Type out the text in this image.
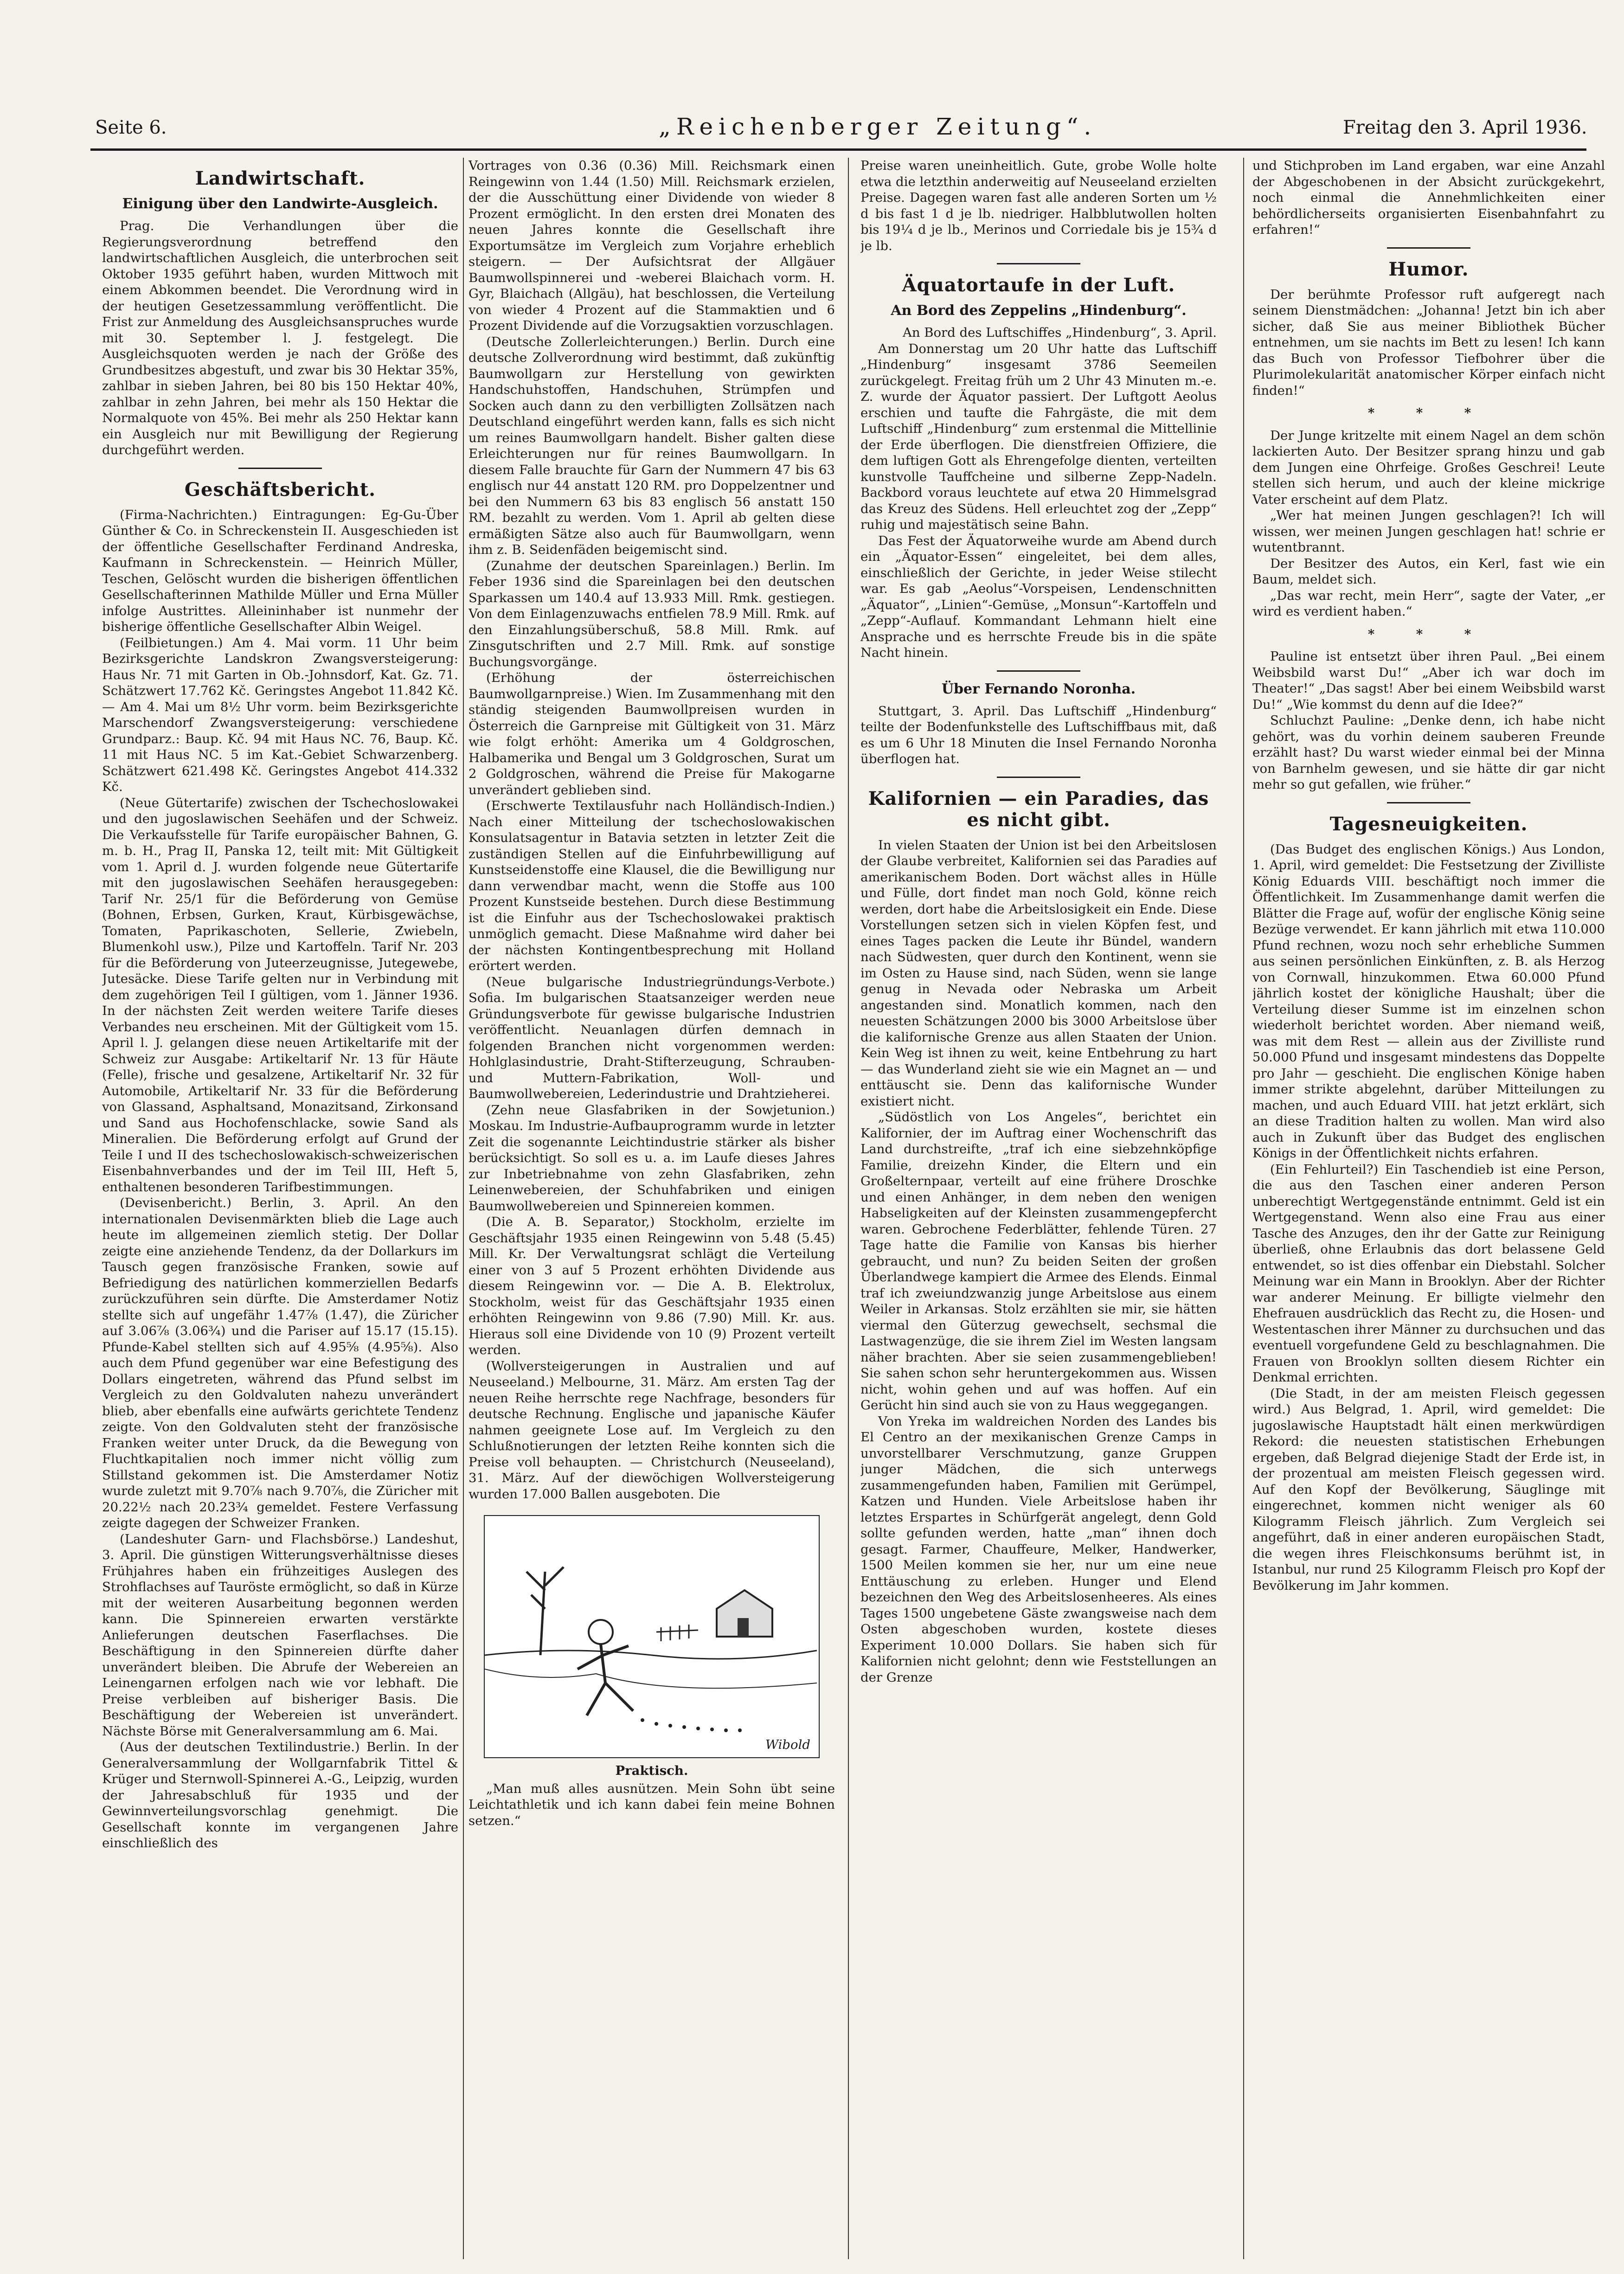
Seite 6.	„Reichenberger Zeitung“.	Freitag den 3. April 1936.
Landwirtschaft.
Einigung über den Landwirte-Ausgleich.

Prag. Die Verhandlungen über die Regierungsverordnung betreffend den landwirtschaftlichen Ausgleich, die unterbrochen seit Oktober 1935 geführt haben, wurden Mittwoch mit einem Abkommen beendet. Die Verordnung wird in der heutigen Gesetzessammlung veröffentlicht. Die Frist zur Anmeldung des Ausgleichsanspruches wurde mit 30. September l. J. festgelegt. Die Ausgleichsquoten werden je nach der Größe des Grundbesitzes abgestuft, und zwar bis 30 Hektar 35%, zahlbar in sieben Jahren, bei 80 bis 150 Hektar 40%, zahlbar in zehn Jahren, bei mehr als 150 Hektar die Normalquote von 45%. Bei mehr als 250 Hektar kann ein Ausgleich nur mit Bewilligung der Regierung durchgeführt werden.

Geschäftsbericht.

(Firma-Nachrichten.) Eintragungen: Eg-Gu-Über Günther & Co. in Schreckenstein II. Ausgeschieden ist der öffentliche Gesellschafter Ferdinand Andreska, Kaufmann in Schreckenstein. — Heinrich Müller, Teschen, Gelöscht wurden die bisherigen öffentlichen Gesellschafterinnen Mathilde Müller und Erna Müller infolge Austrittes. Alleininhaber ist nunmehr der bisherige öffentliche Gesellschafter Albin Weigel.

(Feilbietungen.) Am 4. Mai vorm. 11 Uhr beim Bezirksgerichte Landskron Zwangsversteigerung: Haus Nr. 71 mit Garten in Ob.-Johnsdorf, Kat. Gz. 71. Schätzwert 17.762 Kč. Geringstes Angebot 11.842 Kč. — Am 4. Mai um 8½ Uhr vorm. beim Bezirksgerichte Marschendorf Zwangsversteigerung: verschiedene Grundparz.: Baup. Kč. 94 mit Haus NC. 76, Baup. Kč. 11 mit Haus NC. 5 im Kat.-Gebiet Schwarzenberg. Schätzwert 621.498 Kč. Geringstes Angebot 414.332 Kč.

(Neue Gütertarife) zwischen der Tschechoslowakei und den jugoslawischen Seehäfen und der Schweiz. Die Verkaufsstelle für Tarife europäischer Bahnen, G. m. b. H., Prag II, Panska 12, teilt mit: Mit Gültigkeit vom 1. April d. J. wurden folgende neue Gütertarife mit den jugoslawischen Seehäfen herausgegeben: Tarif Nr. 25/1 für die Beförderung von Gemüse (Bohnen, Erbsen, Gurken, Kraut, Kürbisgewächse, Tomaten, Paprikaschoten, Sellerie, Zwiebeln, Blumenkohl usw.), Pilze und Kartoffeln. Tarif Nr. 203 für die Beförderung von Juteerzeugnisse, Jutegewebe, Jutesäcke. Diese Tarife gelten nur in Verbindung mit dem zugehörigen Teil I gültigen, vom 1. Jänner 1936. In der nächsten Zeit werden weitere Tarife dieses Verbandes neu erscheinen. Mit der Gültigkeit vom 15. April l. J. gelangen diese neuen Artikeltarife mit der Schweiz zur Ausgabe: Artikeltarif Nr. 13 für Häute (Felle), frische und gesalzene, Artikeltarif Nr. 32 für Automobile, Artikeltarif Nr. 33 für die Beförderung von Glassand, Asphaltsand, Monazitsand, Zirkonsand und Sand aus Hochofenschlacke, sowie Sand als Mineralien. Die Beförderung erfolgt auf Grund der Teile I und II des tschechoslowakisch-schweizerischen Eisenbahnverbandes und der im Teil III, Heft 5, enthaltenen besonderen Tarifbestimmungen.

(Devisenbericht.) Berlin, 3. April. An den internationalen Devisenmärkten blieb die Lage auch heute im allgemeinen ziemlich stetig. Der Dollar zeigte eine anziehende Tendenz, da der Dollarkurs im Tausch gegen französische Franken, sowie auf Befriedigung des natürlichen kommerziellen Bedarfs zurückzuführen sein dürfte. Die Amsterdamer Notiz stellte sich auf ungefähr 1.47⅞ (1.47), die Züricher auf 3.06⅞ (3.06¾) und die Pariser auf 15.17 (15.15). Pfunde-Kabel stellten sich auf 4.95⅝ (4.95⅝). Also auch dem Pfund gegenüber war eine Befestigung des Dollars eingetreten, während das Pfund selbst im Vergleich zu den Goldvaluten nahezu unverändert blieb, aber ebenfalls eine aufwärts gerichtete Tendenz zeigte. Von den Goldvaluten steht der französische Franken weiter unter Druck, da die Bewegung von Fluchtkapitalien noch immer nicht völlig zum Stillstand gekommen ist. Die Amsterdamer Notiz wurde zuletzt mit 9.70⅞ nach 9.70⅞, die Züricher mit 20.22½ nach 20.23¾ gemeldet. Festere Verfassung zeigte dagegen der Schweizer Franken.

(Landeshuter Garn- und Flachsbörse.) Landeshut, 3. April. Die günstigen Witterungsverhältnisse dieses Frühjahres haben ein frühzeitiges Auslegen des Strohflachses auf Tauröste ermöglicht, so daß in Kürze mit der weiteren Ausarbeitung begonnen werden kann. Die Spinnereien erwarten verstärkte Anlieferungen deutschen Faserflachses. Die Beschäftigung in den Spinnereien dürfte daher unverändert bleiben. Die Abrufe der Webereien an Leinengarnen erfolgen nach wie vor lebhaft. Die Preise verbleiben auf bisheriger Basis. Die Beschäftigung der Webereien ist unverändert. Nächste Börse mit Generalversammlung am 6. Mai.

(Aus der deutschen Textilindustrie.) Berlin. In der Generalversammlung der Wollgarnfabrik Tittel & Krüger und Sternwoll-Spinnerei A.-G., Leipzig, wurden der Jahresabschluß für 1935 und der Gewinnverteilungsvorschlag genehmigt. Die Gesellschaft konnte im vergangenen Jahre einschließlich des

Vortrages von 0.36 (0.36) Mill. Reichsmark einen Reingewinn von 1.44 (1.50) Mill. Reichsmark erzielen, der die Ausschüttung einer Dividende von wieder 8 Prozent ermöglicht. In den ersten drei Monaten des neuen Jahres konnte die Gesellschaft ihre Exportumsätze im Vergleich zum Vorjahre erheblich steigern. — Der Aufsichtsrat der Allgäuer Baumwollspinnerei und -weberei Blaichach vorm. H. Gyr, Blaichach (Allgäu), hat beschlossen, die Verteilung von wieder 4 Prozent auf die Stammaktien und 6 Prozent Dividende auf die Vorzugsaktien vorzuschlagen.

(Deutsche Zollerleichterungen.) Berlin. Durch eine deutsche Zollverordnung wird bestimmt, daß zukünftig Baumwollgarn zur Herstellung von gewirkten Handschuhstoffen, Handschuhen, Strümpfen und Socken auch dann zu den verbilligten Zollsätzen nach Deutschland eingeführt werden kann, falls es sich nicht um reines Baumwollgarn handelt. Bisher galten diese Erleichterungen nur für reines Baumwollgarn. In diesem Falle brauchte für Garn der Nummern 47 bis 63 englisch nur 44 anstatt 120 RM. pro Doppelzentner und bei den Nummern 63 bis 83 englisch 56 anstatt 150 RM. bezahlt zu werden. Vom 1. April ab gelten diese ermäßigten Sätze also auch für Baumwollgarn, wenn ihm z. B. Seidenfäden beigemischt sind.

(Zunahme der deutschen Spareinlagen.) Berlin. Im Feber 1936 sind die Spareinlagen bei den deutschen Sparkassen um 140.4 auf 13.933 Mill. Rmk. gestiegen. Von dem Einlagenzuwachs entfielen 78.9 Mill. Rmk. auf den Einzahlungsüberschuß, 58.8 Mill. Rmk. auf Zinsgutschriften und 2.7 Mill. Rmk. auf sonstige Buchungsvorgänge.

(Erhöhung der österreichischen Baumwollgarnpreise.) Wien. Im Zusammenhang mit den ständig steigenden Baumwollpreisen wurden in Österreich die Garnpreise mit Gültigkeit von 31. März wie folgt erhöht: Amerika um 4 Goldgroschen, Halbamerika und Bengal um 3 Goldgroschen, Surat um 2 Goldgroschen, während die Preise für Makogarne unverändert geblieben sind.

(Erschwerte Textilausfuhr nach Holländisch-Indien.) Nach einer Mitteilung der tschechoslowakischen Konsulatsagentur in Batavia setzten in letzter Zeit die zuständigen Stellen auf die Einfuhrbewilligung auf Kunstseidenstoffe eine Klausel, die die Bewilligung nur dann verwendbar macht, wenn die Stoffe aus 100 Prozent Kunstseide bestehen. Durch diese Bestimmung ist die Einfuhr aus der Tschechoslowakei praktisch unmöglich gemacht. Diese Maßnahme wird daher bei der nächsten Kontingentbesprechung mit Holland erörtert werden.

(Neue bulgarische Industriegründungs-Verbote.) Sofia. Im bulgarischen Staatsanzeiger werden neue Gründungsverbote für gewisse bulgarische Industrien veröffentlicht. Neuanlagen dürfen demnach in folgenden Branchen nicht vorgenommen werden: Hohlglasindustrie, Draht-Stifterzeugung, Schrauben- und Muttern-Fabrikation, Woll- und Baumwollwebereien, Lederindustrie und Drahtzieherei.

(Zehn neue Glasfabriken in der Sowjetunion.) Moskau. Im Industrie-Aufbauprogramm wurde in letzter Zeit die sogenannte Leichtindustrie stärker als bisher berücksichtigt. So soll es u. a. im Laufe dieses Jahres zur Inbetriebnahme von zehn Glasfabriken, zehn Leinenwebereien, der Schuhfabriken und einigen Baumwollwebereien und Spinnereien kommen.

(Die A. B. Separator,) Stockholm, erzielte im Geschäftsjahr 1935 einen Reingewinn von 5.48 (5.45) Mill. Kr. Der Verwaltungsrat schlägt die Verteilung einer von 3 auf 5 Prozent erhöhten Dividende aus diesem Reingewinn vor. — Die A. B. Elektrolux, Stockholm, weist für das Geschäftsjahr 1935 einen erhöhten Reingewinn von 9.86 (7.90) Mill. Kr. aus. Hieraus soll eine Dividende von 10 (9) Prozent verteilt werden.

(Wollversteigerungen in Australien und auf Neuseeland.) Melbourne, 31. März. Am ersten Tag der neuen Reihe herrschte rege Nachfrage, besonders für deutsche Rechnung. Englische und japanische Käufer nahmen geeignete Lose auf. Im Vergleich zu den Schlußnotierungen der letzten Reihe konnten sich die Preise voll behaupten. — Christchurch (Neuseeland), 31. März. Auf der diewöchigen Wollversteigerung wurden 17.000 Ballen ausgeboten. Die

Wibold
Praktisch.

„Man muß alles ausnützen. Mein Sohn übt seine Leichtathletik und ich kann dabei fein meine Bohnen setzen.“

Preise waren uneinheitlich. Gute, grobe Wolle holte etwa die letzthin anderweitig auf Neuseeland erzielten Preise. Dagegen waren fast alle anderen Sorten um ½ d bis fast 1 d je lb. niedriger. Halbblutwollen holten bis 19¼ d je lb., Merinos und Corriedale bis je 15¾ d je lb.

Äquatortaufe in der Luft.
An Bord des Zeppelins „Hindenburg“.

An Bord des Luftschiffes „Hindenburg“, 3. April.

Am Donnerstag um 20 Uhr hatte das Luftschiff „Hindenburg“ insgesamt 3786 Seemeilen zurückgelegt. Freitag früh um 2 Uhr 43 Minuten m.-e. Z. wurde der Äquator passiert. Der Luftgott Aeolus erschien und taufte die Fahrgäste, die mit dem Luftschiff „Hindenburg“ zum erstenmal die Mittellinie der Erde überflogen. Die dienstfreien Offiziere, die dem luftigen Gott als Ehrengefolge dienten, verteilten kunstvolle Tauffcheine und silberne Zepp-Nadeln. Backbord voraus leuchtete auf etwa 20 Himmelsgrad das Kreuz des Südens. Hell erleuchtet zog der „Zepp“ ruhig und majestätisch seine Bahn.

Das Fest der Äquatorweihe wurde am Abend durch ein „Äquator-Essen“ eingeleitet, bei dem alles, einschließlich der Gerichte, in jeder Weise stilecht war. Es gab „Aeolus“-Vorspeisen, Lendenschnitten „Äquator“, „Linien“-Gemüse, „Monsun“-Kartoffeln und „Zepp“-Auflauf. Kommandant Lehmann hielt eine Ansprache und es herrschte Freude bis in die späte Nacht hinein.

Über Fernando Noronha.

Stuttgart, 3. April. Das Luftschiff „Hindenburg“ teilte der Bodenfunkstelle des Luftschiffbaus mit, daß es um 6 Uhr 18 Minuten die Insel Fernando Noronha überflogen hat.

Kalifornien — ein Paradies, das es nicht gibt.

In vielen Staaten der Union ist bei den Arbeitslosen der Glaube verbreitet, Kalifornien sei das Paradies auf amerikanischem Boden. Dort wächst alles in Hülle und Fülle, dort findet man noch Gold, könne reich werden, dort habe die Arbeitslosigkeit ein Ende. Diese Vorstellungen setzen sich in vielen Köpfen fest, und eines Tages packen die Leute ihr Bündel, wandern nach Südwesten, quer durch den Kontinent, wenn sie im Osten zu Hause sind, nach Süden, wenn sie lange genug in Nevada oder Nebraska um Arbeit angestanden sind. Monatlich kommen, nach den neuesten Schätzungen 2000 bis 3000 Arbeitslose über die kalifornische Grenze aus allen Staaten der Union. Kein Weg ist ihnen zu weit, keine Entbehrung zu hart — das Wunderland zieht sie wie ein Magnet an — und enttäuscht sie. Denn das kalifornische Wunder existiert nicht.

„Südöstlich von Los Angeles“, berichtet ein Kalifornier, der im Auftrag einer Wochenschrift das Land durchstreifte, „traf ich eine siebzehnköpfige Familie, dreizehn Kinder, die Eltern und ein Großelternpaar, verteilt auf eine frühere Droschke und einen Anhänger, in dem neben den wenigen Habseligkeiten auf der Kleinsten zusammengepfercht waren. Gebrochene Federblätter, fehlende Türen. 27 Tage hatte die Familie von Kansas bis hierher gebraucht, und nun? Zu beiden Seiten der großen Überlandwege kampiert die Armee des Elends. Einmal traf ich zweiundzwanzig junge Arbeitslose aus einem Weiler in Arkansas. Stolz erzählten sie mir, sie hätten viermal den Güterzug gewechselt, sechsmal die Lastwagenzüge, die sie ihrem Ziel im Westen langsam näher brachten. Aber sie seien zusammengeblieben! Sie sahen schon sehr heruntergekommen aus. Wissen nicht, wohin gehen und auf was hoffen. Auf ein Gerücht hin sind auch sie von zu Haus weggegangen.

Von Yreka im waldreichen Norden des Landes bis El Centro an der mexikanischen Grenze Camps in unvorstellbarer Verschmutzung, ganze Gruppen junger Mädchen, die sich unterwegs zusammengefunden haben, Familien mit Gerümpel, Katzen und Hunden. Viele Arbeitslose haben ihr letztes Erspartes in Schürfgerät angelegt, denn Gold sollte gefunden werden, hatte „man“ ihnen doch gesagt. Farmer, Chauffeure, Melker, Handwerker, 1500 Meilen kommen sie her, nur um eine neue Enttäuschung zu erleben. Hunger und Elend bezeichnen den Weg des Arbeitslosenheeres. Als eines Tages 1500 ungebetene Gäste zwangsweise nach dem Osten abgeschoben wurden, kostete dieses Experiment 10.000 Dollars. Sie haben sich für Kalifornien nicht gelohnt; denn wie Feststellungen an der Grenze

und Stichproben im Land ergaben, war eine Anzahl der Abgeschobenen in der Absicht zurückgekehrt, noch einmal die Annehmlichkeiten einer behördlicherseits organisierten Eisenbahnfahrt zu erfahren!“

Humor.

Der berühmte Professor ruft aufgeregt nach seinem Dienstmädchen: „Johanna! Jetzt bin ich aber sicher, daß Sie aus meiner Bibliothek Bücher entnehmen, um sie nachts im Bett zu lesen! Ich kann das Buch von Professor Tiefbohrer über die Plurimolekularität anatomischer Körper einfach nicht finden!“

* * *

Der Junge kritzelte mit einem Nagel an dem schön lackierten Auto. Der Besitzer sprang hinzu und gab dem Jungen eine Ohrfeige. Großes Geschrei! Leute stellen sich herum, und auch der kleine mickrige Vater erscheint auf dem Platz.

„Wer hat meinen Jungen geschlagen?! Ich will wissen, wer meinen Jungen geschlagen hat! schrie er wutentbrannt.

Der Besitzer des Autos, ein Kerl, fast wie ein Baum, meldet sich.

„Das war recht, mein Herr“, sagte der Vater, „er wird es verdient haben.“

* * *

Pauline ist entsetzt über ihren Paul. „Bei einem Weibsbild warst Du!“ „Aber ich war doch im Theater!“ „Das sagst! Aber bei einem Weibsbild warst Du!“ „Wie kommst du denn auf die Idee?“

Schluchzt Pauline: „Denke denn, ich habe nicht gehört, was du vorhin deinem sauberen Freunde erzählt hast? Du warst wieder einmal bei der Minna von Barnhelm gewesen, und sie hätte dir gar nicht mehr so gut gefallen, wie früher.“

Tagesneuigkeiten.

(Das Budget des englischen Königs.) Aus London, 1. April, wird gemeldet: Die Festsetzung der Zivilliste König Eduards VIII. beschäftigt noch immer die Öffentlichkeit. Im Zusammenhange damit werfen die Blätter die Frage auf, wofür der englische König seine Bezüge verwendet. Er kann jährlich mit etwa 110.000 Pfund rechnen, wozu noch sehr erhebliche Summen aus seinen persönlichen Einkünften, z. B. als Herzog von Cornwall, hinzukommen. Etwa 60.000 Pfund jährlich kostet der königliche Haushalt; über die Verteilung dieser Summe ist im einzelnen schon wiederholt berichtet worden. Aber niemand weiß, was mit dem Rest — allein aus der Zivilliste rund 50.000 Pfund und insgesamt mindestens das Doppelte pro Jahr — geschieht. Die englischen Könige haben immer strikte abgelehnt, darüber Mitteilungen zu machen, und auch Eduard VIII. hat jetzt erklärt, sich an diese Tradition halten zu wollen. Man wird also auch in Zukunft über das Budget des englischen Königs in der Öffentlichkeit nichts erfahren.

(Ein Fehlurteil?) Ein Taschendieb ist eine Person, die aus den Taschen einer anderen Person unberechtigt Wertgegenstände entnimmt. Geld ist ein Wertgegenstand. Wenn also eine Frau aus einer Tasche des Anzuges, den ihr der Gatte zur Reinigung überließ, ohne Erlaubnis das dort belassene Geld entwendet, so ist dies offenbar ein Diebstahl. Solcher Meinung war ein Mann in Brooklyn. Aber der Richter war anderer Meinung. Er billigte vielmehr den Ehefrauen ausdrücklich das Recht zu, die Hosen- und Westentaschen ihrer Männer zu durchsuchen und das eventuell vorgefundene Geld zu beschlagnahmen. Die Frauen von Brooklyn sollten diesem Richter ein Denkmal errichten.

(Die Stadt, in der am meisten Fleisch gegessen wird.) Aus Belgrad, 1. April, wird gemeldet: Die jugoslawische Hauptstadt hält einen merkwürdigen Rekord: die neuesten statistischen Erhebungen ergeben, daß Belgrad diejenige Stadt der Erde ist, in der prozentual am meisten Fleisch gegessen wird. Auf den Kopf der Bevölkerung, Säuglinge mit eingerechnet, kommen nicht weniger als 60 Kilogramm Fleisch jährlich. Zum Vergleich sei angeführt, daß in einer anderen europäischen Stadt, die wegen ihres Fleischkonsums berühmt ist, in Istanbul, nur rund 25 Kilogramm Fleisch pro Kopf der Bevölkerung im Jahr kommen.
